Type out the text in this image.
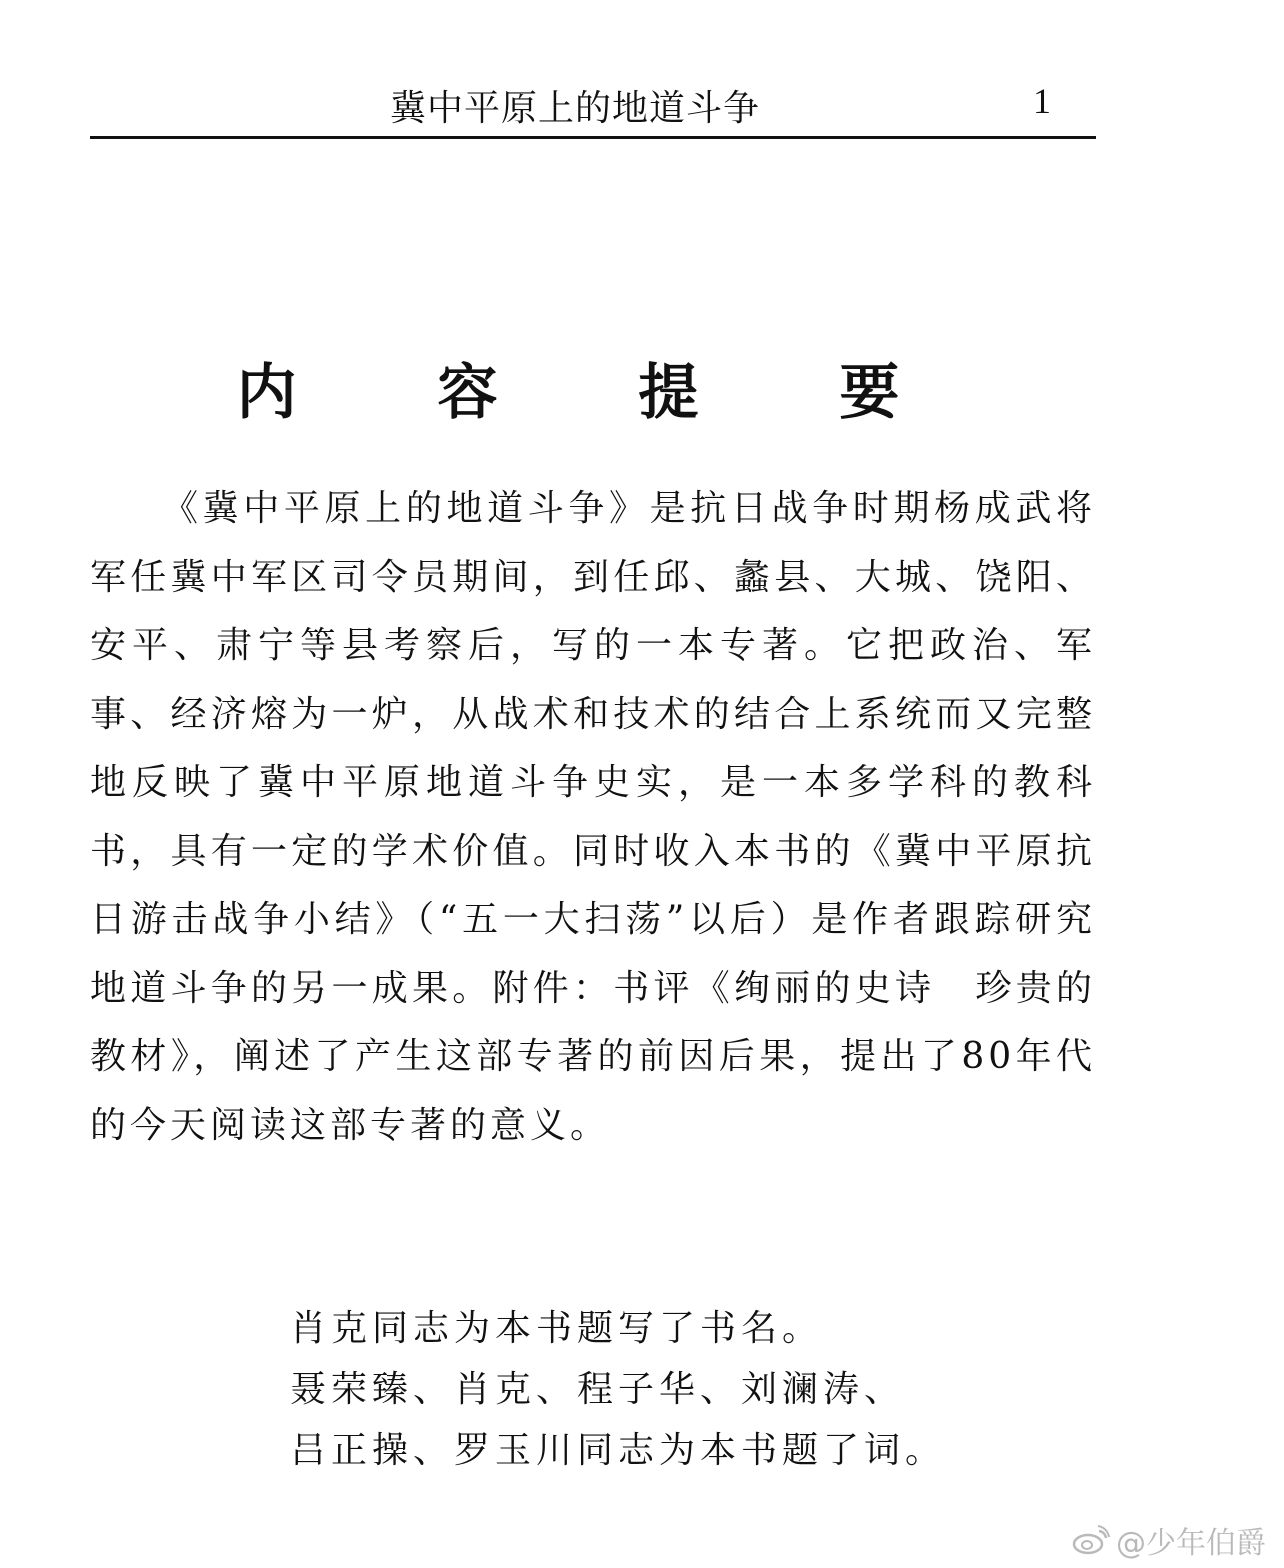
冀中平原上的地道斗争	1
内 容 提 要

《冀中平原上的地道斗争》是抗日战争时期杨成武将军任冀中军区司令员期间，到任邱、蠡县、大城、饶阳、安平、肃宁等县考察后，写的一本专著。它把政治、军事、经济熔为一炉，从战术和技术的结合上系统而又完整地反映了冀中平原地道斗争史实，是一本多学科的教科书，具有一定的学术价值。同时收入本书的《冀中平原抗日游击战争小结》（“五一大扫荡”以后）是作者跟踪研究地道斗争的另一成果。附件：书评《绚丽的史诗　珍贵的教材》，阐述了产生这部专著的前因后果，提出了80年代的今天阅读这部专著的意义。

肖克同志为本书题写了书名。
聂荣臻、肖克、程子华、刘澜涛、
吕正操、罗玉川同志为本书题了词。
@少年伯爵
